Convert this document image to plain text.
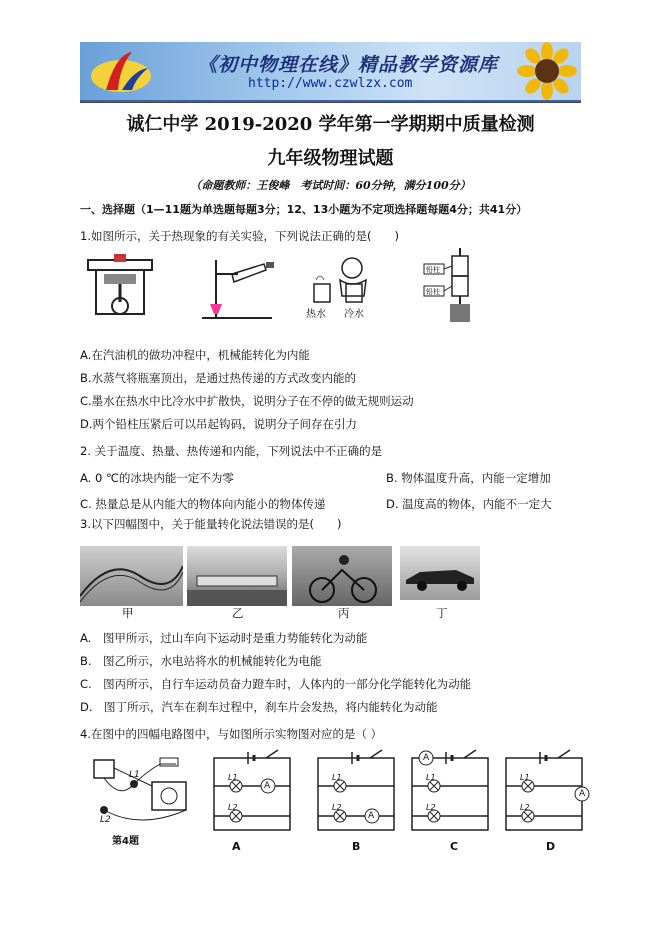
《初中物理在线》精品教学资源库
http://www.czwlzx.com
诚仁中学 2019-2020 学年第一学期期中质量检测
九年级物理试题
（命题教师：王俊峰　考试时间：60分钟，满分100分）
一、选择题（1—11题为单选题每题3分；12、13小题为不定项选择题每题4分；共41分）
1.如图所示，关于热现象的有关实验，下列说法正确的是(　　)
热水 冷水
铅柱
铅柱
A.在汽油机的做功冲程中，机械能转化为内能
B.水蒸气将瓶塞顶出，是通过热传递的方式改变内能的
C.墨水在热水中比冷水中扩散快，说明分子在不停的做无规则运动
D.两个铅柱压紧后可以吊起钩码，说明分子间存在引力
2. 关于温度、热量、热传递和内能，下列说法中不正确的是
A. 0 ℃的冰块内能一定不为零	B. 物体温度升高，内能一定增加
C. 热量总是从内能大的物体向内能小的物体传递	D. 温度高的物体，内能不一定大
3.以下四幅图中，关于能量转化说法错误的是(　　)
甲	乙	丙	丁
A.　图甲所示，过山车向下运动时是重力势能转化为动能
B.　图乙所示，水电站将水的机械能转化为电能
C.　图丙所示，自行车运动员奋力蹬车时，人体内的一部分化学能转化为动能
D.　图丁所示，汽车在刹车过程中，刹车片会发热，将内能转化为动能
4.在图中的四幅电路图中，与如图所示实物图对应的是（ ）
L1
L2
第4题
A
A
A
B
A
C
A
D
L1
L2
L1
L2
L1
L2
L1
L2
